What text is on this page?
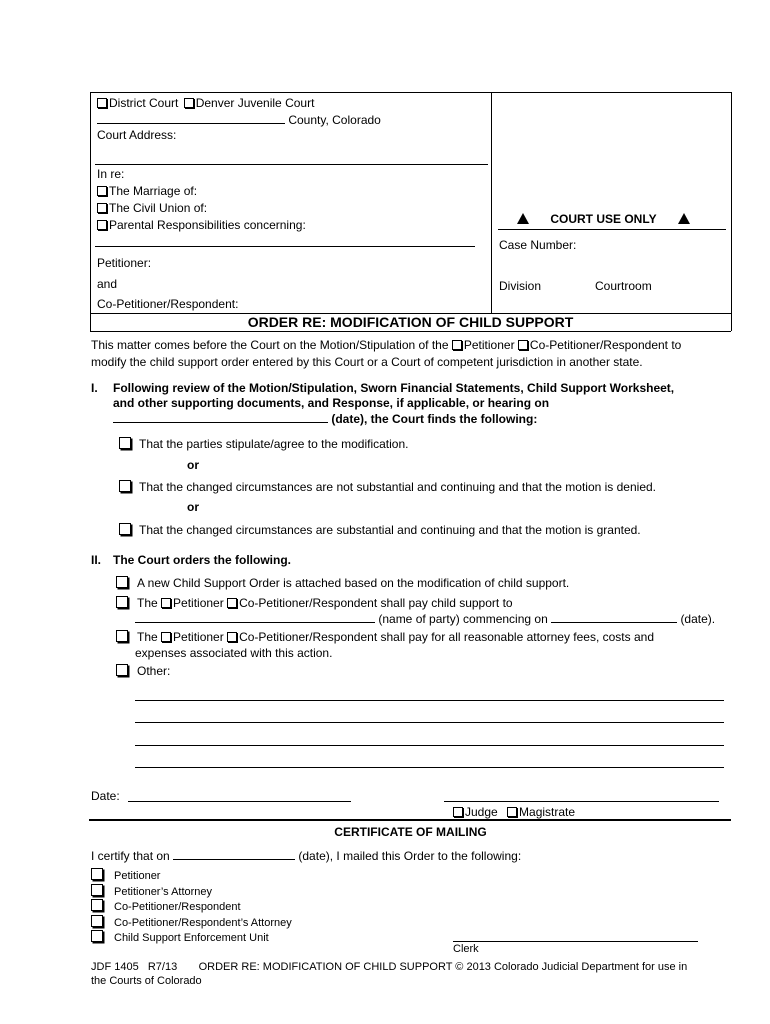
District Court Denver Juvenile Court
County, Colorado
Court Address:
In re:
The Marriage of:
The Civil Union of:
Parental Responsibilities concerning:
Petitioner:
and
Co-Petitioner/Respondent:
COURT USE ONLY
Case Number:
Division	Courtroom
ORDER RE: MODIFICATION OF CHILD SUPPORT
This matter comes before the Court on the Motion/Stipulation of the Petitioner Co-Petitioner/Respondent to
modify the child support order entered by this Court or a Court of competent jurisdiction in another state.
I. Following review of the Motion/Stipulation, Sworn Financial Statements, Child Support Worksheet,
and other supporting documents, and Response, if applicable, or hearing on
(date), the Court finds the following:
That the parties stipulate/agree to the modification.
or
That the changed circumstances are not substantial and continuing and that the motion is denied.
or
That the changed circumstances are substantial and continuing and that the motion is granted.
II. The Court orders the following.
A new Child Support Order is attached based on the modification of child support.
The Petitioner Co-Petitioner/Respondent shall pay child support to
(name of party) commencing on	(date).
The Petitioner Co-Petitioner/Respondent shall pay for all reasonable attorney fees, costs and
expenses associated with this action.
Other:
Date:
Judge Magistrate
CERTIFICATE OF MAILING
I certify that on	(date), I mailed this Order to the following:
Petitioner
Petitioner’s Attorney
Co-Petitioner/Respondent
Co-Petitioner/Respondent’s Attorney
Child Support Enforcement Unit
Clerk
JDF 1405   R7/13       ORDER RE: MODIFICATION OF CHILD SUPPORT © 2013 Colorado Judicial Department for use in
the Courts of Colorado
